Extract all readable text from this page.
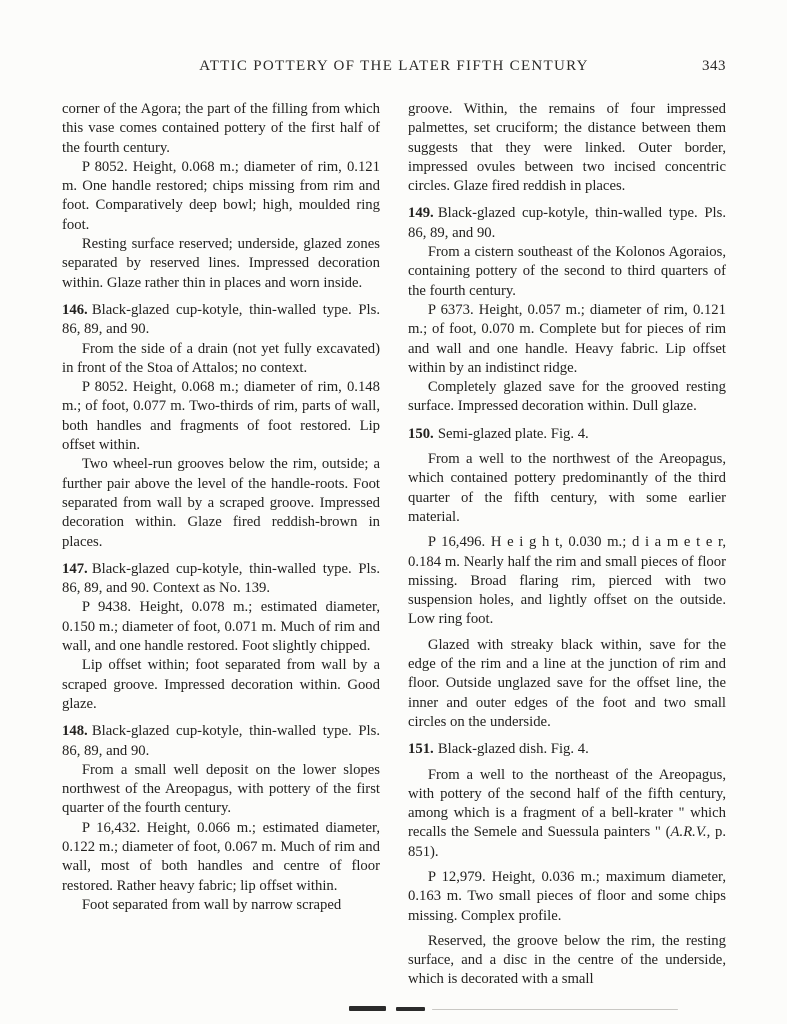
ATTIC POTTERY OF THE LATER FIFTH CENTURY	343

corner of the Agora; the part of the filling from which this vase comes contained pottery of the first half of the fourth century.

P 8052. Height, 0.068 m.; diameter of rim, 0.121 m. One handle restored; chips missing from rim and foot. Comparatively deep bowl; high, moulded ring foot.

Resting surface reserved; underside, glazed zones separated by reserved lines. Impressed decoration within. Glaze rather thin in places and worn inside.

146. Black-glazed cup-kotyle, thin-walled type. Pls. 86, 89, and 90.

From the side of a drain (not yet fully excavated) in front of the Stoa of Attalos; no context.

P 8052. Height, 0.068 m.; diameter of rim, 0.148 m.; of foot, 0.077 m. Two-thirds of rim, parts of wall, both handles and fragments of foot restored. Lip offset within.

Two wheel-run grooves below the rim, outside; a further pair above the level of the handle-roots. Foot separated from wall by a scraped groove. Impressed decoration within. Glaze fired reddish-brown in places.

147. Black-glazed cup-kotyle, thin-walled type. Pls. 86, 89, and 90. Context as No. 139.

P 9438. Height, 0.078 m.; estimated diameter, 0.150 m.; diameter of foot, 0.071 m. Much of rim and wall, and one handle restored. Foot slightly chipped.

Lip offset within; foot separated from wall by a scraped groove. Impressed decoration within. Good glaze.

148. Black-glazed cup-kotyle, thin-walled type. Pls. 86, 89, and 90.

From a small well deposit on the lower slopes northwest of the Areopagus, with pottery of the first quarter of the fourth century.

P 16,432. Height, 0.066 m.; estimated diameter, 0.122 m.; diameter of foot, 0.067 m. Much of rim and wall, most of both handles and centre of floor restored. Rather heavy fabric; lip offset within.

Foot separated from wall by narrow scraped

groove. Within, the remains of four impressed palmettes, set cruciform; the distance between them suggests that they were linked. Outer border, impressed ovules between two incised concentric circles. Glaze fired reddish in places.

149. Black-glazed cup-kotyle, thin-walled type. Pls. 86, 89, and 90.

From a cistern southeast of the Kolonos Agoraios, containing pottery of the second to third quarters of the fourth century.

P 6373. Height, 0.057 m.; diameter of rim, 0.121 m.; of foot, 0.070 m. Complete but for pieces of rim and wall and one handle. Heavy fabric. Lip offset within by an indistinct ridge.

Completely glazed save for the grooved resting surface. Impressed decoration within. Dull glaze.

150. Semi-glazed plate. Fig. 4.

From a well to the northwest of the Areopagus, which contained pottery predominantly of the third quarter of the fifth century, with some earlier material.

P 16,496. H e i g h t, 0.030 m.; d i a m e t e r, 0.184 m. Nearly half the rim and small pieces of floor missing. Broad flaring rim, pierced with two suspension holes, and lightly offset on the outside. Low ring foot.

Glazed with streaky black within, save for the edge of the rim and a line at the junction of rim and floor. Outside unglazed save for the offset line, the inner and outer edges of the foot and two small circles on the underside.

151. Black-glazed dish. Fig. 4.

From a well to the northeast of the Areopagus, with pottery of the second half of the fifth century, among which is a fragment of a bell-krater " which recalls the Semele and Suessula painters " (A.R.V., p. 851).

P 12,979. Height, 0.036 m.; maximum diameter, 0.163 m. Two small pieces of floor and some chips missing. Complex profile.

Reserved, the groove below the rim, the resting surface, and a disc in the centre of the underside, which is decorated with a small
